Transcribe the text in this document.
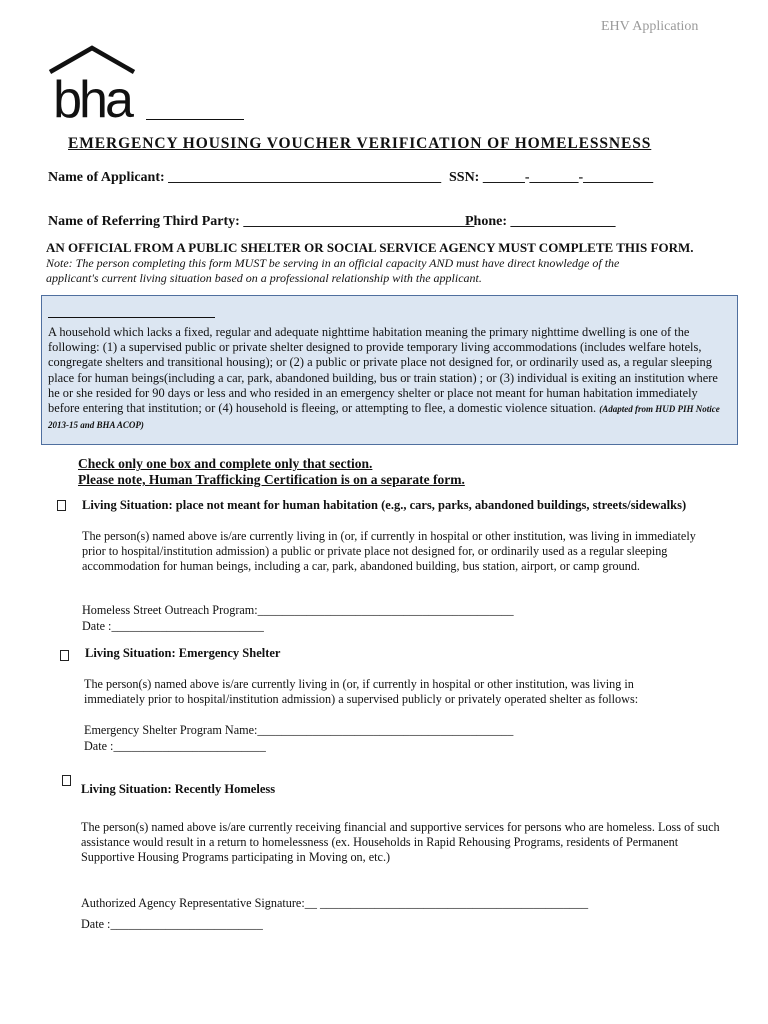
EHV Application
bha
EMERGENCY HOUSING VOUCHER VERIFICATION OF HOMELESSNESS
Name of Applicant: _______________________________________ SSN: ______-_______-__________
Name of Referring Third Party: _________________________________
Phone: _______________
AN OFFICIAL FROM A PUBLIC SHELTER OR SOCIAL SERVICE AGENCY MUST COMPLETE THIS FORM.
Note: The person completing this form MUST be serving in an official capacity AND must have direct knowledge of the applicant's current living situation based on a professional relationship with the applicant.
A household which lacks a fixed, regular and adequate nighttime habitation meaning the primary nighttime dwelling is one of the following: (1) a supervised public or private shelter designed to provide temporary living accommodations (includes welfare hotels, congregate shelters and transitional housing); or (2) a public or private place not designed for, or ordinarily used as, a regular sleeping place for human beings(including a car, park, abandoned building, bus or train station) ; or (3) individual is exiting an institution where he or she resided for 90 days or less and who resided in an emergency shelter or place not meant for human habitation immediately before entering that institution; or (4) household is fleeing, or attempting to flee, a domestic violence situation. (Adapted from HUD PIH Notice 2013-15 and BHA ACOP)
Check only one box and complete only that section.
Please note, Human Trafficking Certification is on a separate form.
Living Situation: place not meant for human habitation (e.g., cars, parks, abandoned buildings, streets/sidewalks)
The person(s) named above is/are currently living in (or, if currently in hospital or other institution, was living in immediately prior to hospital/institution admission) a public or private place not designed for, or ordinarily used as a regular sleeping accommodation for human beings, including a car, park, abandoned building, bus station, airport, or camp ground.
Homeless Street Outreach Program:__________________________________________
Date :_________________________
Living Situation: Emergency Shelter
The person(s) named above is/are currently living in (or, if currently in hospital or other institution, was living in immediately prior to hospital/institution admission) a supervised publicly or privately operated shelter as follows:
Emergency Shelter Program Name:__________________________________________
Date :_________________________
Living Situation: Recently Homeless
The person(s) named above is/are currently receiving financial and supportive services for persons who are homeless. Loss of such assistance would result in a return to homelessness (ex. Households in Rapid Rehousing Programs, residents of Permanent Supportive Housing Programs participating in Moving on, etc.)
Authorized Agency Representative Signature:__ ____________________________________________
Date :_________________________
